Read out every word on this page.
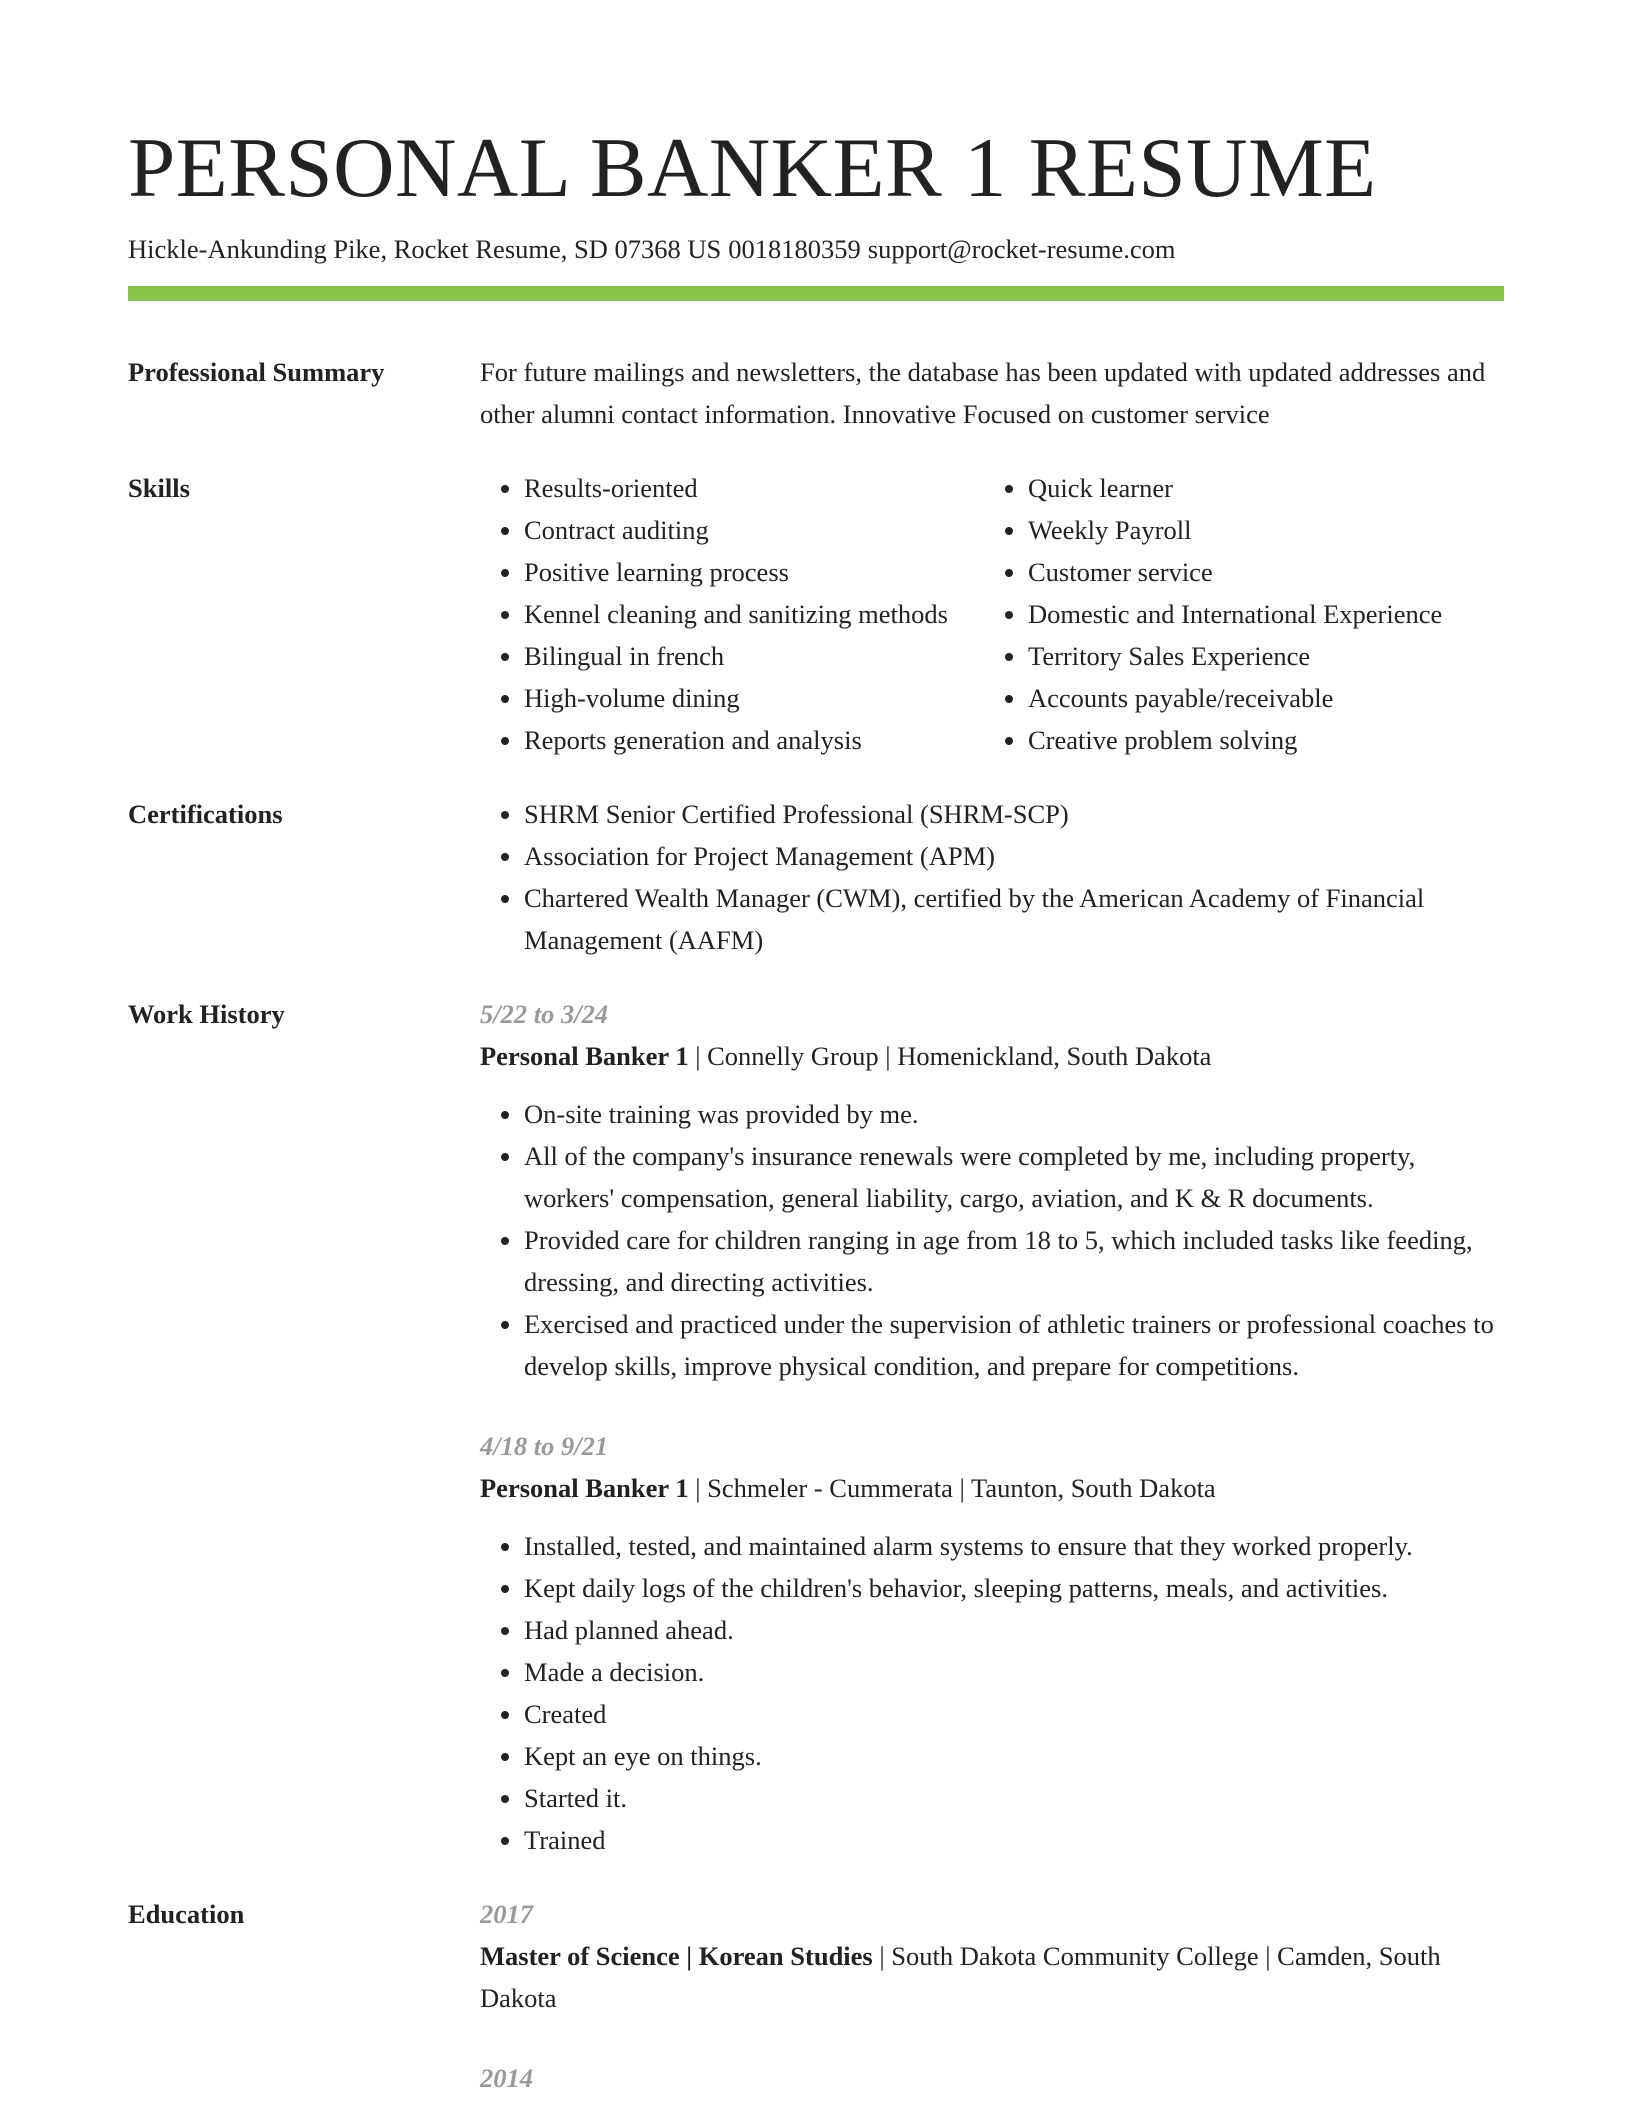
PERSONAL BANKER 1 RESUME
Hickle-Ankunding Pike, Rocket Resume, SD 07368 US 0018180359 support@rocket-resume.com
Professional Summary	For future mailings and newsletters, the database has been updated with updated addresses and other alumni contact information. Innovative Focused on customer service

Skills	• Results-oriented
• Contract auditing
• Positive learning process
• Kennel cleaning and sanitizing methods
• Bilingual in french
• High-volume dining
• Reports generation and analysis
• Quick learner
• Weekly Payroll
• Customer service
• Domestic and International Experience
• Territory Sales Experience
• Accounts payable/receivable
• Creative problem solving
Certifications	• SHRM Senior Certified Professional (SHRM-SCP)
• Association for Project Management (APM)
• Chartered Wealth Manager (CWM), certified by the American Academy of Financial Management (AAFM)
Work History	5/22 to 3/24
Personal Banker 1 | Connelly Group | Homenickland, South Dakota
• On-site training was provided by me.
• All of the company's insurance renewals were completed by me, including property, workers' compensation, general liability, cargo, aviation, and K & R documents.
• Provided care for children ranging in age from 18 to 5, which included tasks like feeding, dressing, and directing activities.
• Exercised and practiced under the supervision of athletic trainers or professional coaches to develop skills, improve physical condition, and prepare for competitions.
4/18 to 9/21
Personal Banker 1 | Schmeler - Cummerata | Taunton, South Dakota
• Installed, tested, and maintained alarm systems to ensure that they worked properly.
• Kept daily logs of the children's behavior, sleeping patterns, meals, and activities.
• Had planned ahead.
• Made a decision.
• Created
• Kept an eye on things.
• Started it.
• Trained
Education	2017
Master of Science | Korean Studies | South Dakota Community College | Camden, South Dakota
2014
